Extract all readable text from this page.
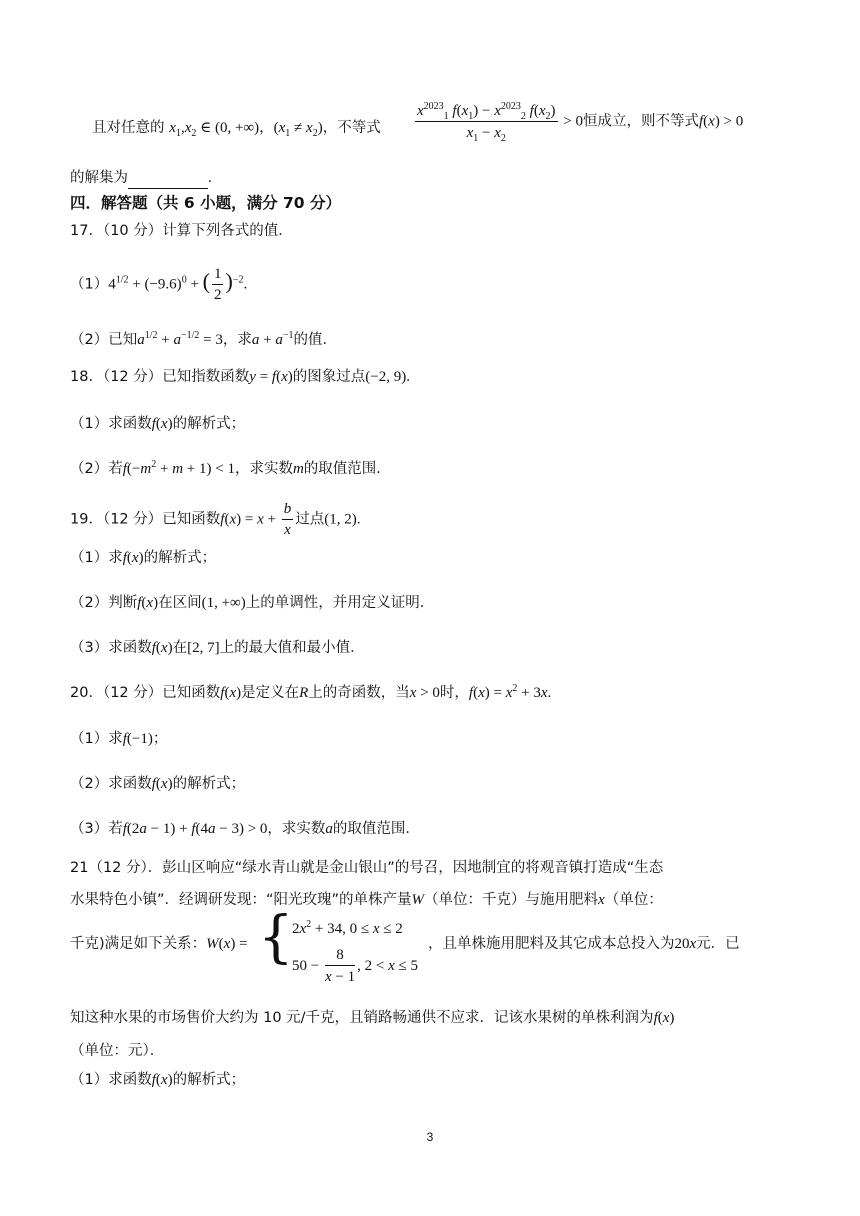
且对任意的 $x_1,x_2$ ∈ (0, +∞)，$(x_1 \ne x_2)$，不等式 $\frac{x^{2023}_1 f(x_1) - x^{2023}_2 f(x_2)}{x_1 - x_2} > 0$恒成立，则不等式f(x) > 0
的解集为	.
四．解答题（共 6 小题，满分 70 分）
17．（10 分）计算下列各式的值．
$(1)4^{1/2} + (-9.6)^0$ + ( $\frac{1}{2} )^{-2}$.
（2）已知$a^{1/2} + a^{-1/2} = 3$，求$a + a^{-1}$的值．
18．（12 分）已知指数函数y = f(x)的图象过点(−2, 9).
（1）求函数f(x)的解析式；
（2）若$f(-m^2 + m + 1) < 1$，求实数m的取值范围．
19．（12 分）已知函数$f(x) = x + \frac{b}{x}$ 过点(1, 2).
（1）求f(x)的解析式；
（2）判断f(x)在区间(1, +∞)上的单调性，并用定义证明．
（3）求函数f(x)在[2, 7]上的最大值和最小值．
20．（12 分）已知函数f(x)是定义在R上的奇函数，当x > 0时，$f(x) = x^2 + 3x$.
（1）求f(−1)；
（2）求函数f(x)的解析式；
（3）若f(2a − 1) + f(4a − 3) > 0，求实数a的取值范围．
21（12 分）．彭山区响应“绿水青山就是金山银山”的号召，因地制宜的将观音镇打造成“生态
水果特色小镇”．经调研发现：“阳光玫瑰”的单株产量W（单位：千克）与施用肥料x（单位：
千克)满足如下关系：W(x) = {
$2x^2 + 34$, 0 ≤ x ≤ 2
$50 - \frac{8}{x - 1}$ , 2 < x ≤ 5
，且单株施用肥料及其它成本总投入为20x元．已
知这种水果的市场售价大约为 10 元/千克，且销路畅通供不应求．记该水果树的单株利润为f(x)
（单位：元）．
（1）求函数f(x)的解析式；
3
